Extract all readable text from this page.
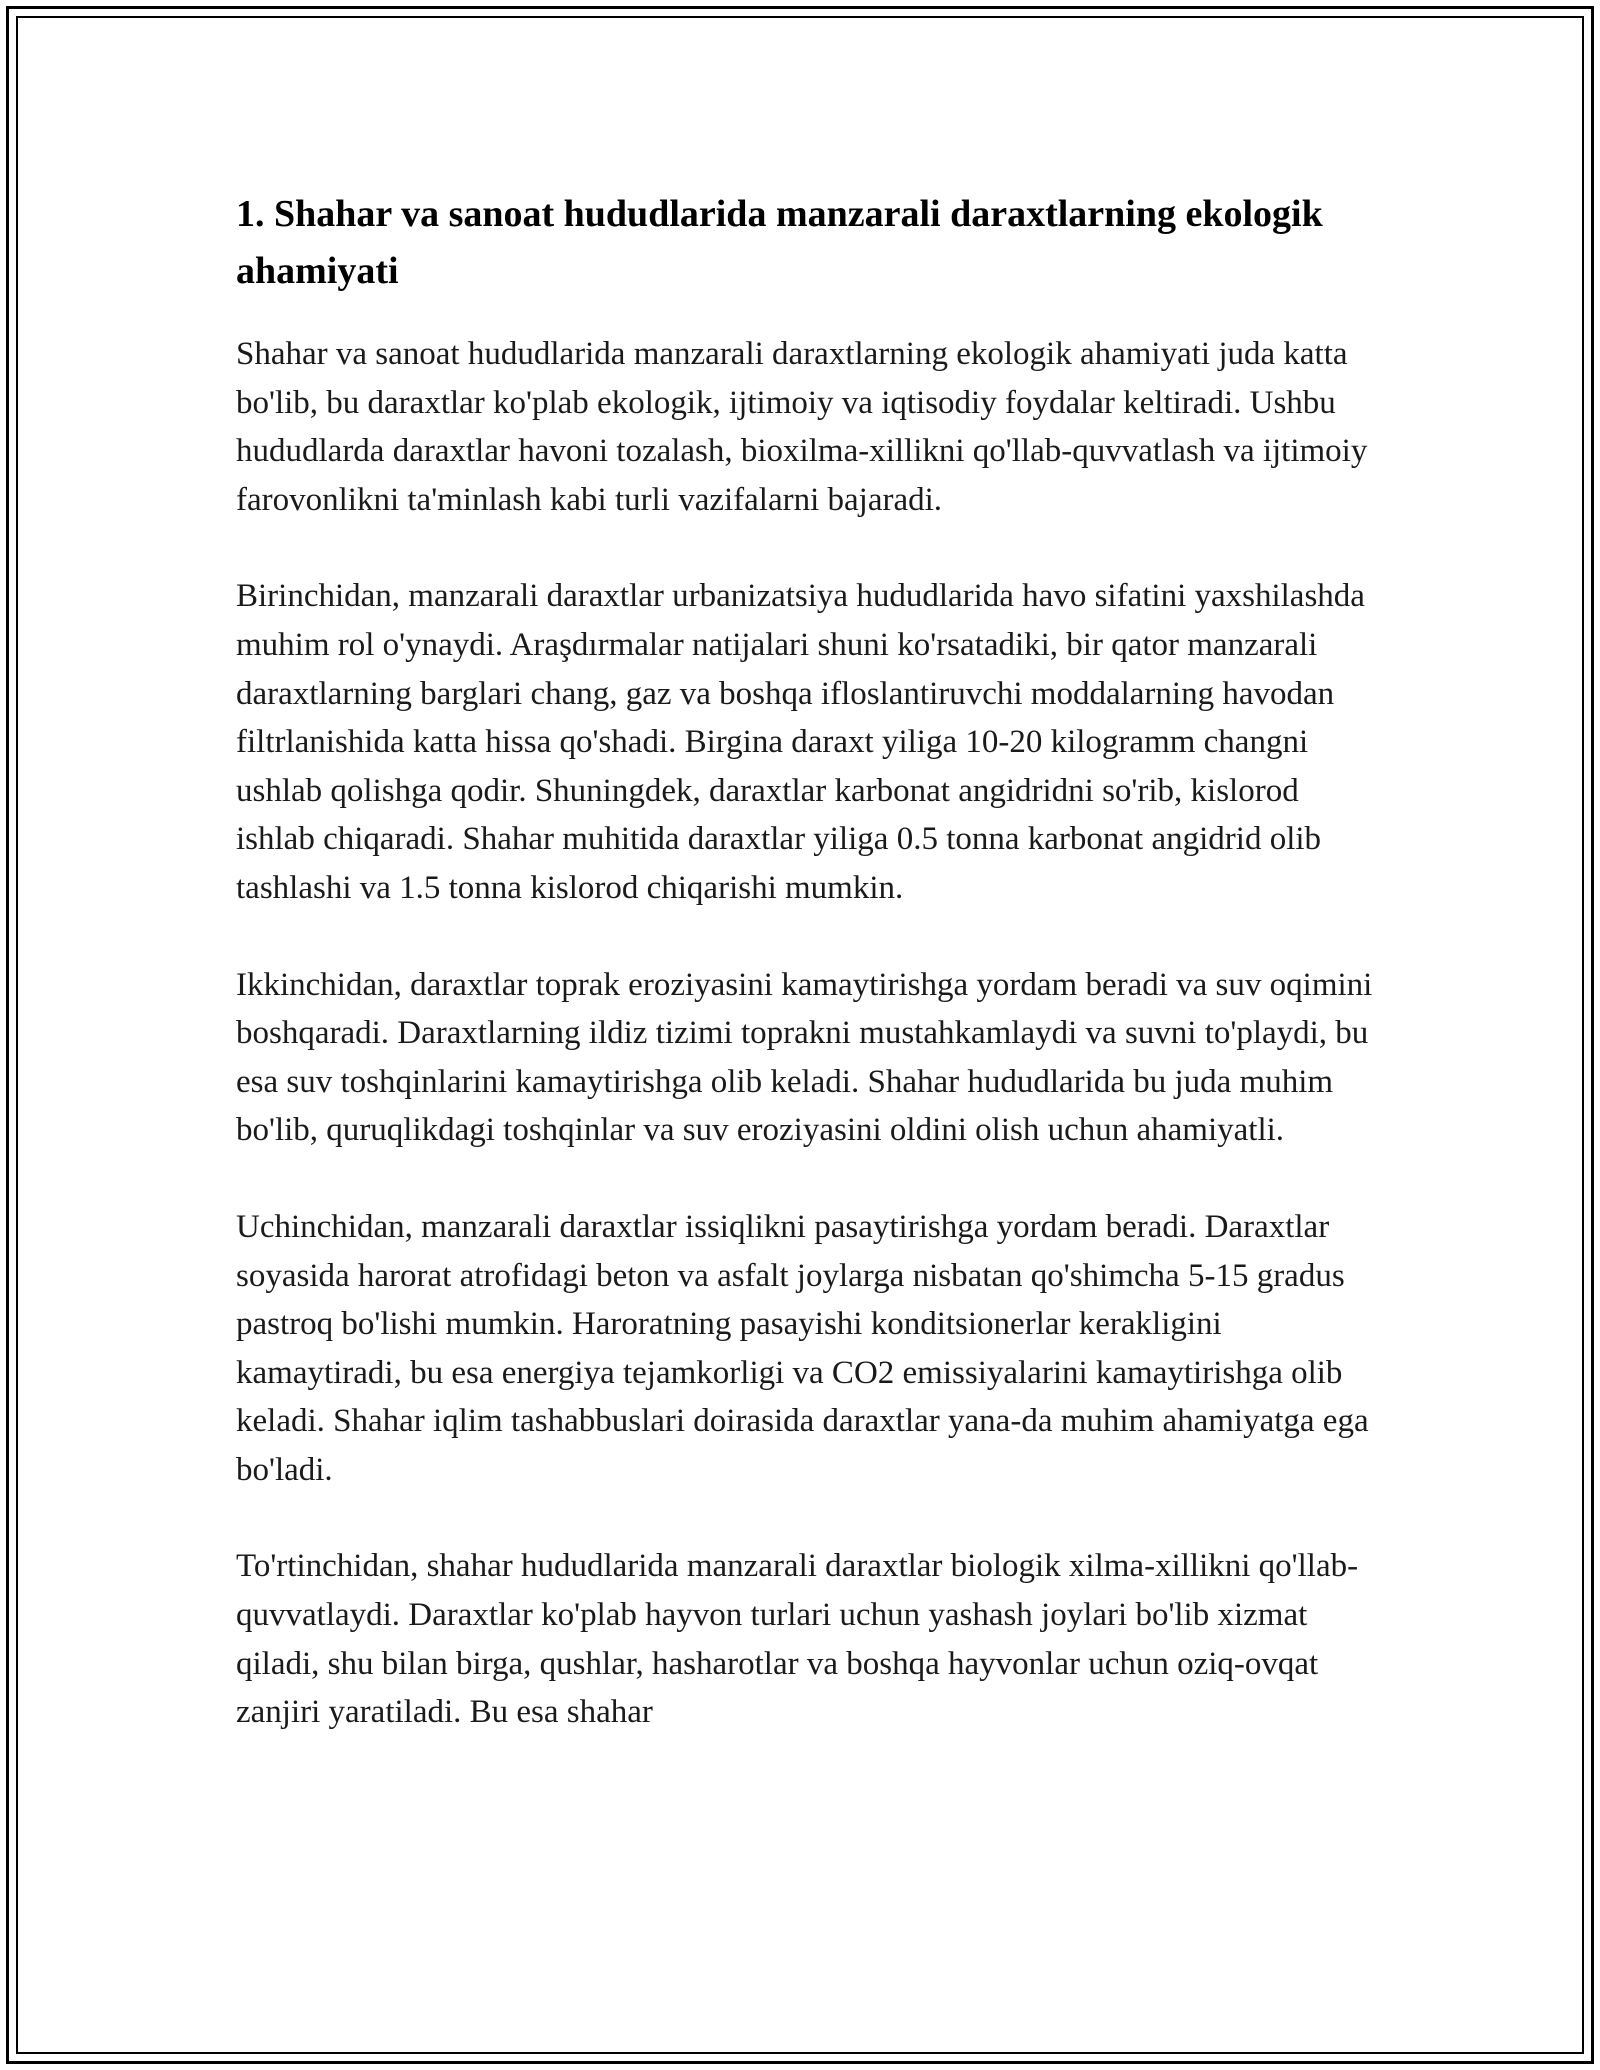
1. Shahar va sanoat hududlarida manzarali daraxtlarning ekologik ahamiyati

Shahar va sanoat hududlarida manzarali daraxtlarning ekologik ahamiyati juda katta bo'lib, bu daraxtlar ko'plab ekologik, ijtimoiy va iqtisodiy foydalar keltiradi. Ushbu hududlarda daraxtlar havoni tozalash, bioxilma-xillikni qo'llab-quvvatlash va ijtimoiy farovonlikni ta'minlash kabi turli vazifalarni bajaradi.

Birinchidan, manzarali daraxtlar urbanizatsiya hududlarida havo sifatini yaxshilashda muhim rol o'ynaydi. Araşdırmalar natijalari shuni ko'rsatadiki, bir qator manzarali daraxtlarning barglari chang, gaz va boshqa ifloslantiruvchi moddalarning havodan filtrlanishida katta hissa qo'shadi. Birgina daraxt yiliga 10-20 kilogramm changni ushlab qolishga qodir. Shuningdek, daraxtlar karbonat angidridni so'rib, kislorod ishlab chiqaradi. Shahar muhitida daraxtlar yiliga 0.5 tonna karbonat angidrid olib tashlashi va 1.5 tonna kislorod chiqarishi mumkin.

Ikkinchidan, daraxtlar toprak eroziyasini kamaytirishga yordam beradi va suv oqimini boshqaradi. Daraxtlarning ildiz tizimi toprakni mustahkamlaydi va suvni to'playdi, bu esa suv toshqinlarini kamaytirishga olib keladi. Shahar hududlarida bu juda muhim bo'lib, quruqlikdagi toshqinlar va suv eroziyasini oldini olish uchun ahamiyatli.

Uchinchidan, manzarali daraxtlar issiqlikni pasaytirishga yordam beradi. Daraxtlar soyasida harorat atrofidagi beton va asfalt joylarga nisbatan qo'shimcha 5-15 gradus pastroq bo'lishi mumkin. Haroratning pasayishi konditsionerlar kerakligini kamaytiradi, bu esa energiya tejamkorligi va CO2 emissiyalarini kamaytirishga olib keladi. Shahar iqlim tashabbuslari doirasida daraxtlar yana-da muhim ahamiyatga ega bo'ladi.

To'rtinchidan, shahar hududlarida manzarali daraxtlar biologik xilma-xillikni qo'llab-quvvatlaydi. Daraxtlar ko'plab hayvon turlari uchun yashash joylari bo'lib xizmat qiladi, shu bilan birga, qushlar, hasharotlar va boshqa hayvonlar uchun oziq-ovqat zanjiri yaratiladi. Bu esa shahar
